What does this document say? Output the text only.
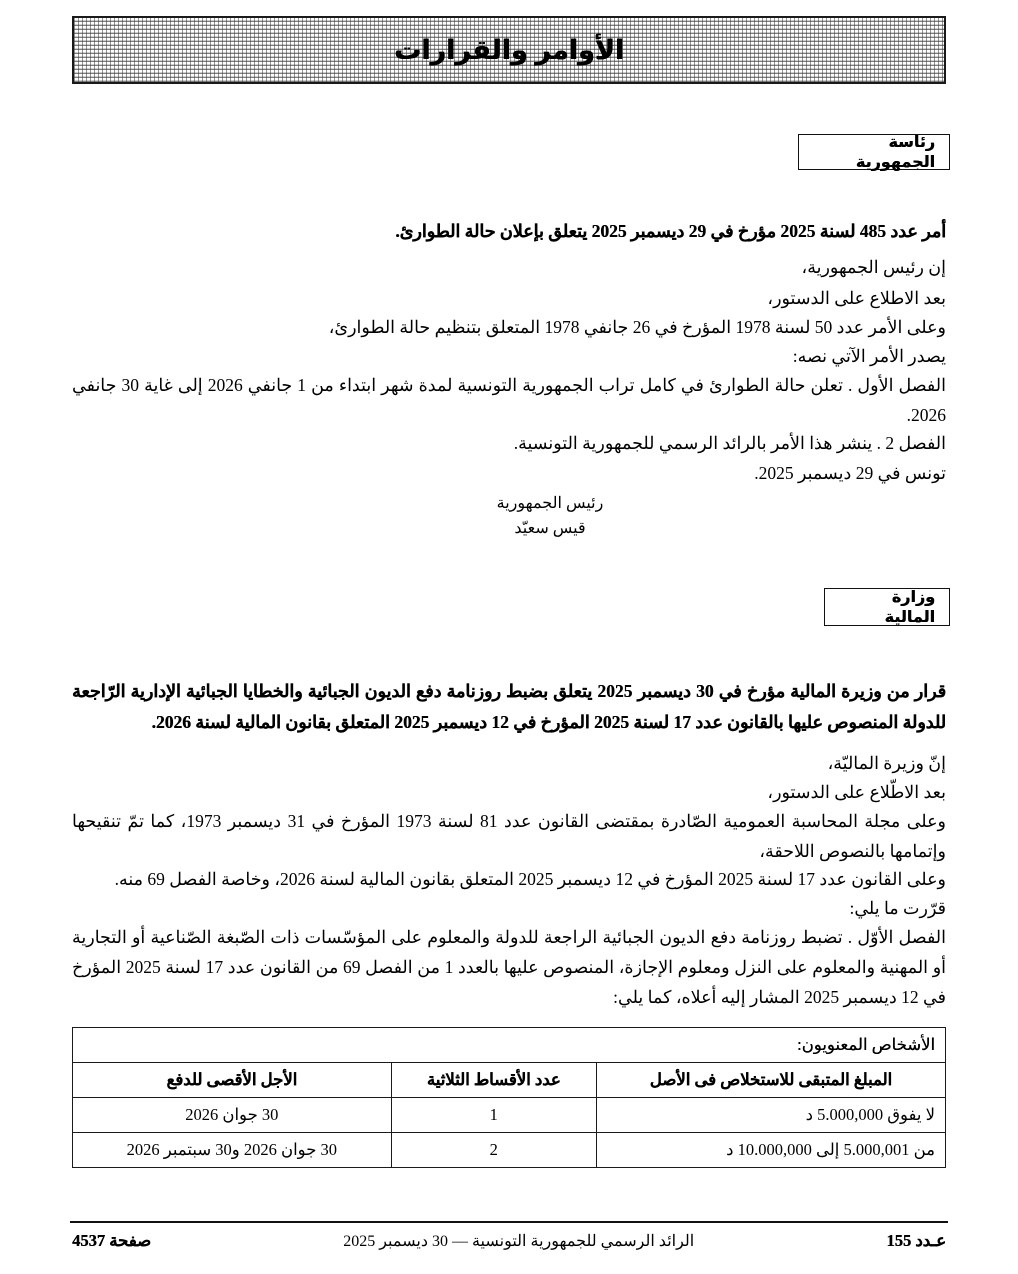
الأوامر والقرارات
رئاسة الجمهورية
أمر عدد 485 لسنة 2025 مؤرخ في 29 ديسمبر 2025 يتعلق بإعلان حالة الطوارئ.
إن رئيس الجمهورية،
بعد الاطلاع على الدستور،
وعلى الأمر عدد 50 لسنة 1978 المؤرخ في 26 جانفي 1978 المتعلق بتنظيم حالة الطوارئ،
يصدر الأمر الآتي نصه:
الفصل الأول . تعلن حالة الطوارئ في كامل تراب الجمهورية التونسية لمدة شهر ابتداء من 1 جانفي 2026 إلى غاية 30 جانفي 2026.
الفصل 2 . ينشر هذا الأمر بالرائد الرسمي للجمهورية التونسية.
تونس في 29 ديسمبر 2025.
رئيس الجمهورية
قيس سعيّد
وزارة المالية
قرار من وزيرة المالية مؤرخ في 30 ديسمبر 2025 يتعلق بضبط روزنامة دفع الديون الجبائية والخطايا الجبائية الإدارية الرّاجعة للدولة المنصوص عليها بالقانون عدد 17 لسنة 2025 المؤرخ في 12 ديسمبر 2025 المتعلق بقانون المالية لسنة 2026.
إنّ وزيرة الماليّة،
بعد الاطّلاع على الدستور،
وعلى مجلة المحاسبة العمومية الصّادرة بمقتضى القانون عدد 81 لسنة 1973 المؤرخ في 31 ديسمبر 1973، كما تمّ تنقيحها وإتمامها بالنصوص اللاحقة،
وعلى القانون عدد 17 لسنة 2025 المؤرخ في 12 ديسمبر 2025 المتعلق بقانون المالية لسنة 2026، وخاصة الفصل 69 منه.
قرّرت ما يلي:
الفصل الأوّل . تضبط روزنامة دفع الديون الجبائية الراجعة للدولة والمعلوم على المؤسّسات ذات الصّبغة الصّناعية أو التجارية أو المهنية والمعلوم على النزل ومعلوم الإجازة، المنصوص عليها بالعدد 1 من الفصل 69 من القانون عدد 17 لسنة 2025 المؤرخ في 12 ديسمبر 2025 المشار إليه أعلاه، كما يلي:
الأشخاص المعنويون:		
المبلغ المتبقى للاستخلاص فى الأصل	عدد الأقساط الثلاثية	الأجل الأقصى للدفع
لا يفوق 5.000,000 د	1	30 جوان 2026
من 5.000,001 إلى 10.000,000 د	2	30 جوان 2026 و30 سبتمبر 2026
عـدد 155
الرائد الرسمي للجمهورية التونسية — 30 ديسمبر 2025
صفحة 4537
